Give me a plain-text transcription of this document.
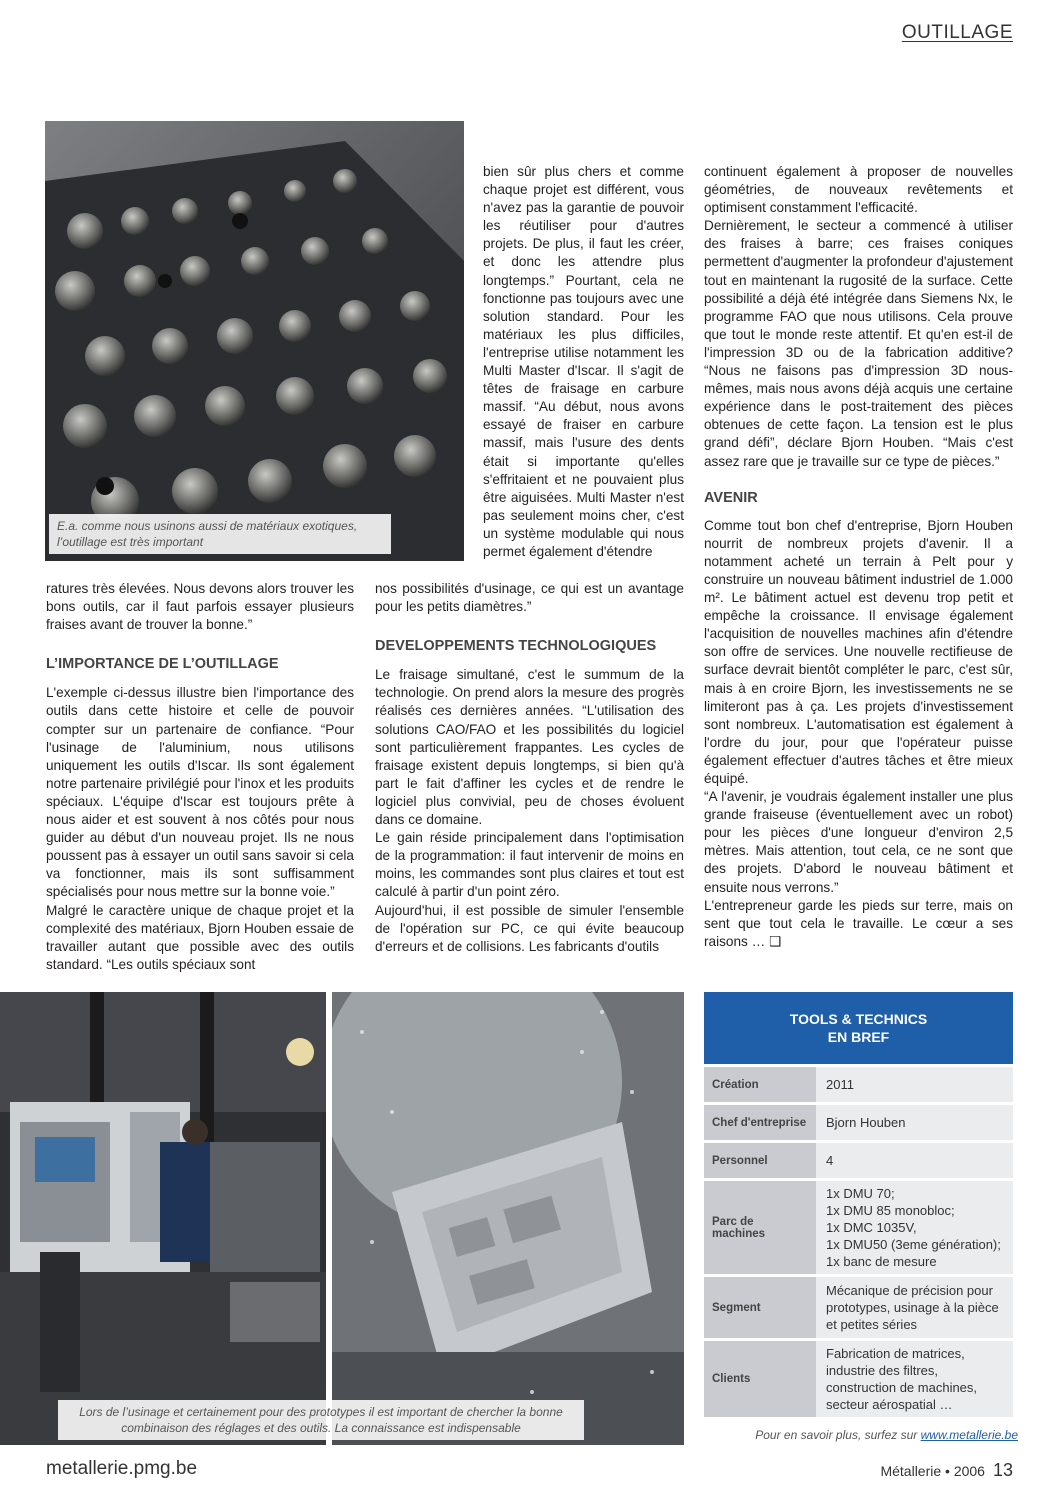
OUTILLAGE
E.a. comme nous usinons aussi de matériaux exotiques, l’outillage est très important

bien sûr plus chers et comme chaque projet est différent, vous n'avez pas la garantie de pouvoir les réutiliser pour d'autres projets. De plus, il faut les créer, et donc les attendre plus longtemps.” Pourtant, cela ne fonctionne pas toujours avec une solution standard. Pour les matériaux les plus difficiles, l'entreprise utilise notamment les Multi Master d'Iscar. Il s'agit de têtes de fraisage en carbure massif. “Au début, nous avons essayé de fraiser en carbure massif, mais l'usure des dents était si importante qu'elles s'effritaient et ne pouvaient plus être aiguisées. Multi Master n'est pas seulement moins cher, c'est un système modulable qui nous permet également d'étendre

ratures très élevées. Nous devons alors trouver les bons outils, car il faut parfois essayer plusieurs fraises avant de trouver la bonne.”

L’IMPORTANCE DE L’OUTILLAGE

L'exemple ci-dessus illustre bien l'importance des outils dans cette histoire et celle de pouvoir compter sur un partenaire de confiance. “Pour l'usinage de l'aluminium, nous utilisons uniquement les outils d'Iscar. Ils sont également notre partenaire privilégié pour l'inox et les produits spéciaux. L'équipe d'Iscar est toujours prête à nous aider et est souvent à nos côtés pour nous guider au début d'un nouveau projet. Ils ne nous poussent pas à essayer un outil sans savoir si cela va fonctionner, mais ils sont suffisamment spécialisés pour nous mettre sur la bonne voie.”

Malgré le caractère unique de chaque projet et la complexité des matériaux, Bjorn Houben essaie de travailler autant que possible avec des outils standard. “Les outils spéciaux sont

nos possibilités d'usinage, ce qui est un avantage pour les petits diamètres.”

DEVELOPPEMENTS TECHNOLOGIQUES

Le fraisage simultané, c'est le summum de la technologie. On prend alors la mesure des progrès réalisés ces dernières années. “L'utilisation des solutions CAO/FAO et les possibilités du logiciel sont particulièrement frappantes. Les cycles de fraisage existent depuis longtemps, si bien qu'à part le fait d'affiner les cycles et de rendre le logiciel plus convivial, peu de choses évoluent dans ce domaine.

Le gain réside principalement dans l'optimisation de la programmation: il faut intervenir de moins en moins, les commandes sont plus claires et tout est calculé à partir d'un point zéro.

Aujourd'hui, il est possible de simuler l'ensemble de l'opération sur PC, ce qui évite beaucoup d'erreurs et de collisions. Les fabricants d'outils

continuent également à proposer de nouvelles géométries, de nouveaux revêtements et optimisent constamment l'efficacité.

Dernièrement, le secteur a commencé à utiliser des fraises à barre; ces fraises coniques permettent d'augmenter la profondeur d'ajustement tout en maintenant la rugosité de la surface. Cette possibilité a déjà été intégrée dans Siemens Nx, le programme FAO que nous utilisons. Cela prouve que tout le monde reste attentif. Et qu'en est-il de l'impression 3D ou de la fabrication additive? “Nous ne faisons pas d'impression 3D nous-mêmes, mais nous avons déjà acquis une certaine expérience dans le post-traitement des pièces obtenues de cette façon. La tension est le plus grand défi”, déclare Bjorn Houben. “Mais c'est assez rare que je travaille sur ce type de pièces.”

AVENIR

Comme tout bon chef d'entreprise, Bjorn Houben nourrit de nombreux projets d'avenir. Il a notamment acheté un terrain à Pelt pour y construire un nouveau bâtiment industriel de 1.000 m². Le bâtiment actuel est devenu trop petit et empêche la croissance. Il envisage également l'acquisition de nouvelles machines afin d'étendre son offre de services. Une nouvelle rectifieuse de surface devrait bientôt compléter le parc, c'est sûr, mais à en croire Bjorn, les investissements ne se limiteront pas à ça. Les projets d'investissement sont nombreux. L'automatisation est également à l'ordre du jour, pour que l'opérateur puisse également effectuer d'autres tâches et être mieux équipé.

“A l'avenir, je voudrais également installer une plus grande fraiseuse (éventuellement avec un robot) pour les pièces d'une longueur d'environ 2,5 mètres. Mais attention, tout cela, ce ne sont que des projets. D'abord le nouveau bâtiment et ensuite nous verrons.”

L'entrepreneur garde les pieds sur terre, mais on sent que tout cela le travaille. Le cœur a ses raisons … ❑

Lors de l’usinage et certainement pour des prototypes il est important de chercher la bonne combinaison des réglages et des outils. La connaissance est indispensable
TOOLS & TECHNICS
EN BREF
Création	2011
Chef d'entreprise	Bjorn Houben
Personnel	4
Parc de machines	1x DMU 70;
1x DMU 85 monobloc;
1x DMC 1035V,
1x DMU50 (3eme génération);
1x banc de mesure

Segment	Mécanique de précision pour prototypes, usinage à la pièce et petites séries
Clients	Fabrication de matrices, industrie des filtres, construction de machines, secteur aérospatial …
Pour en savoir plus, surfez sur www.metallerie.be
metallerie.pmg.be	Métallerie • 2006 13
